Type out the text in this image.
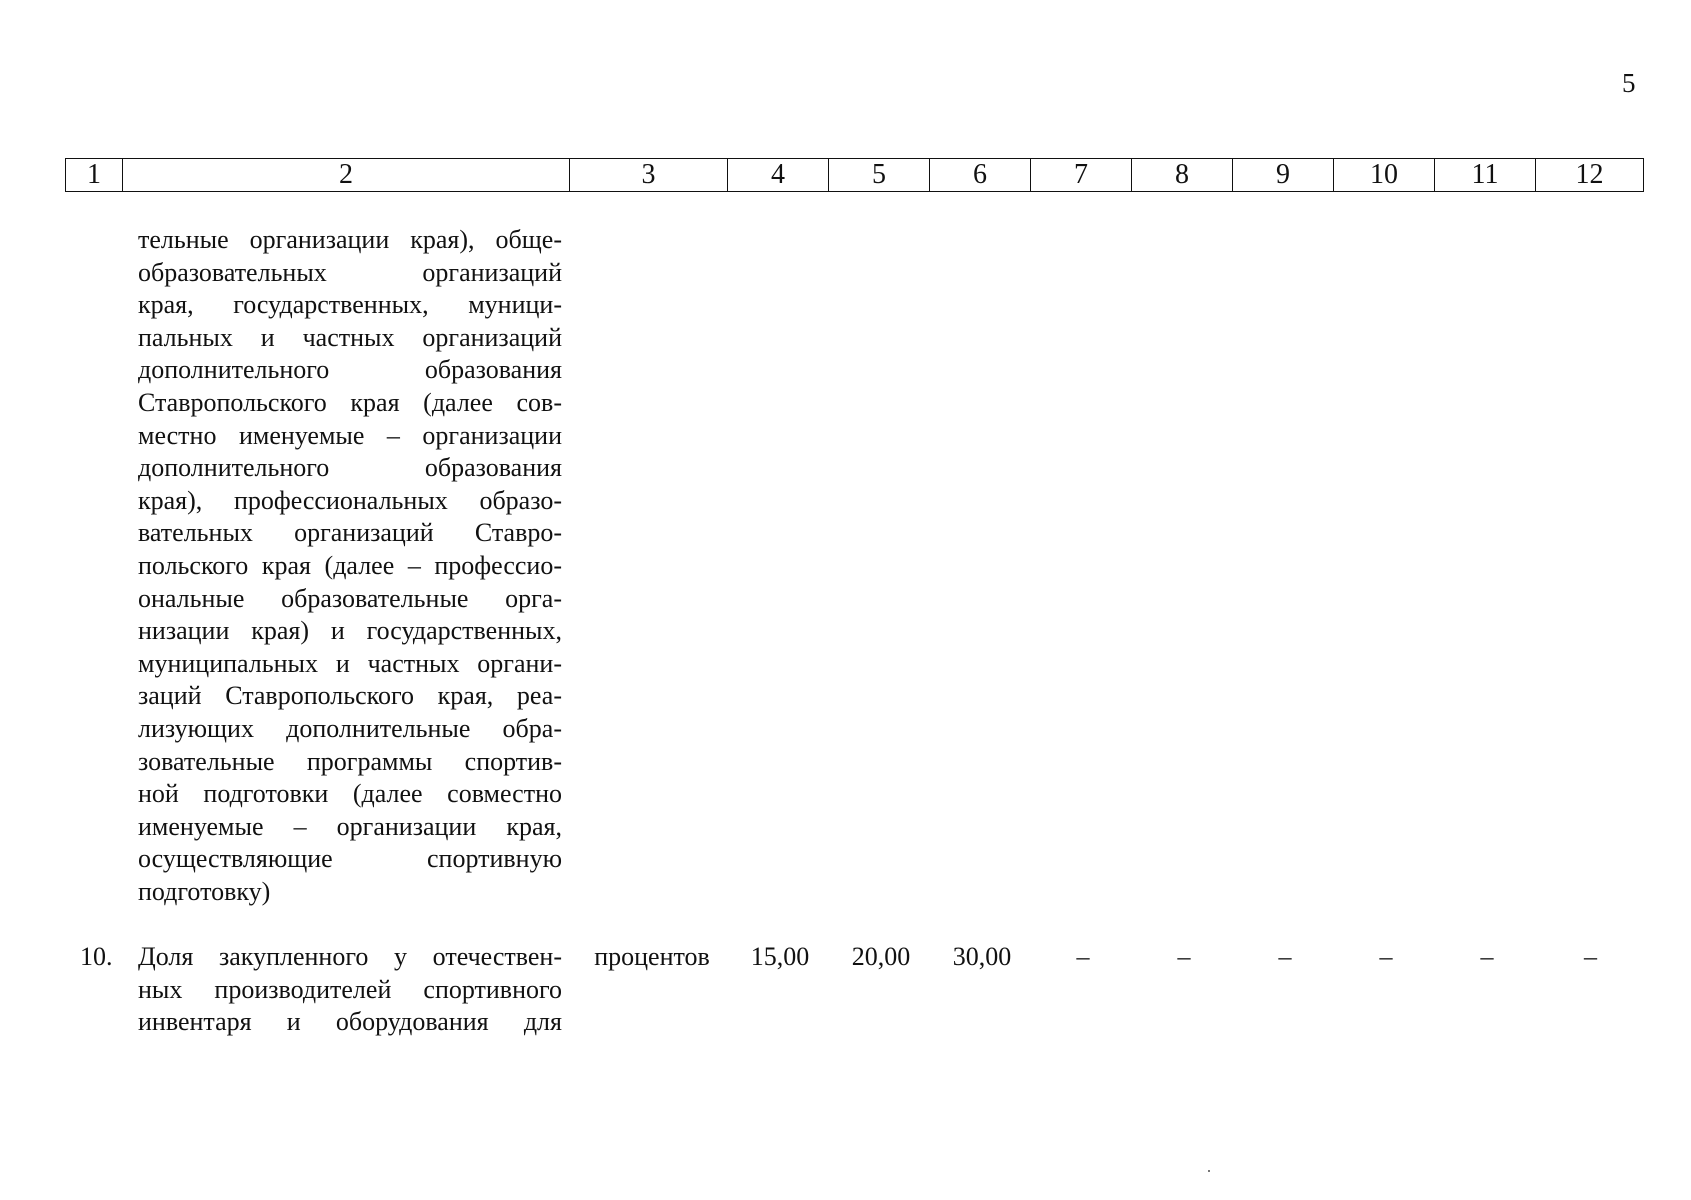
5
1	2	3	4	5	6	7	8	9	10	11	12
тельные организации края), обще-
образовательных организаций
края, государственных, муници-
пальных и частных организаций
дополнительного образования
Ставропольского края (далее сов-
местно именуемые – организации
дополнительного образования
края), профессиональных образо-
вательных организаций Ставро-
польского края (далее – профессио-
ональные образовательные орга-
низации края) и государственных,
муниципальных и частных органи-
заций Ставропольского края, реа-
лизующих дополнительные обра-
зовательные программы спортив-
ной подготовки (далее совместно
именуемые – организации края,
осуществляющие спортивную
подготовку)
10. Доля закупленного у отечествен-
ных производителей спортивного
инвентаря и оборудования для
процентов	15,00	20,00	30,00	–	–	–	–	–	–
